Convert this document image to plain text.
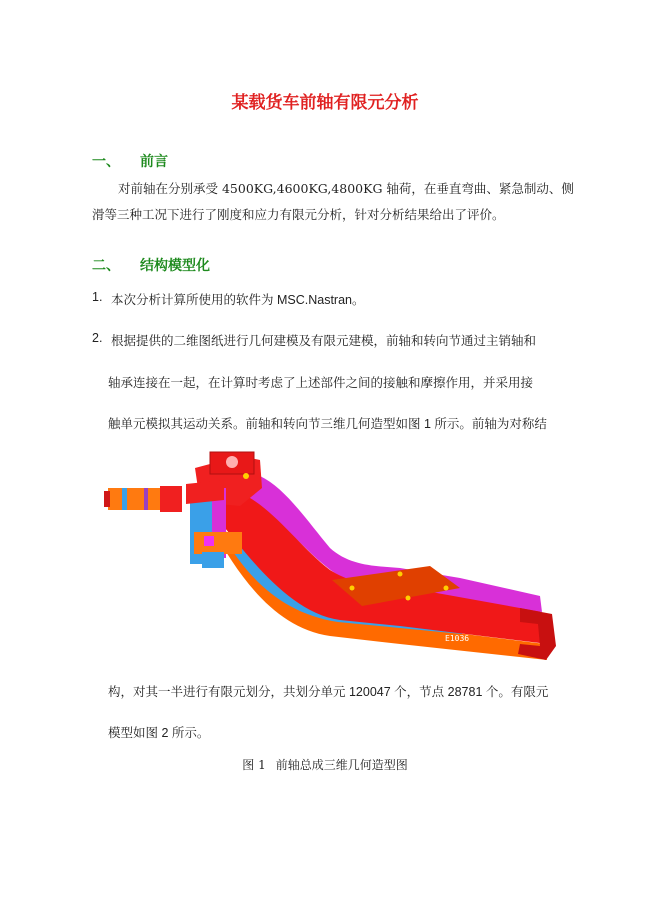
某载货车前轴有限元分析
一、 前言
对前轴在分别承受 4500KG,4600KG,4800KG 轴荷，在垂直弯曲、紧急制动、侧
滑等三种工况下进行了刚度和应力有限元分析，针对分析结果给出了评价。
二、 结构模型化
1. 本次分析计算所使用的软件为 MSC.Nastran。
2. 根据提供的二维图纸进行几何建模及有限元建模，前轴和转向节通过主销轴和
轴承连接在一起，在计算时考虑了上述部件之间的接触和摩擦作用，并采用接
触单元模拟其运动关系。前轴和转向节三维几何造型如图 1 所示。前轴为对称结
E1036
构，对其一半进行有限元划分，共划分单元 120047 个，节点 28781 个。有限元
模型如图 2 所示。
图 1 前轴总成三维几何造型图
